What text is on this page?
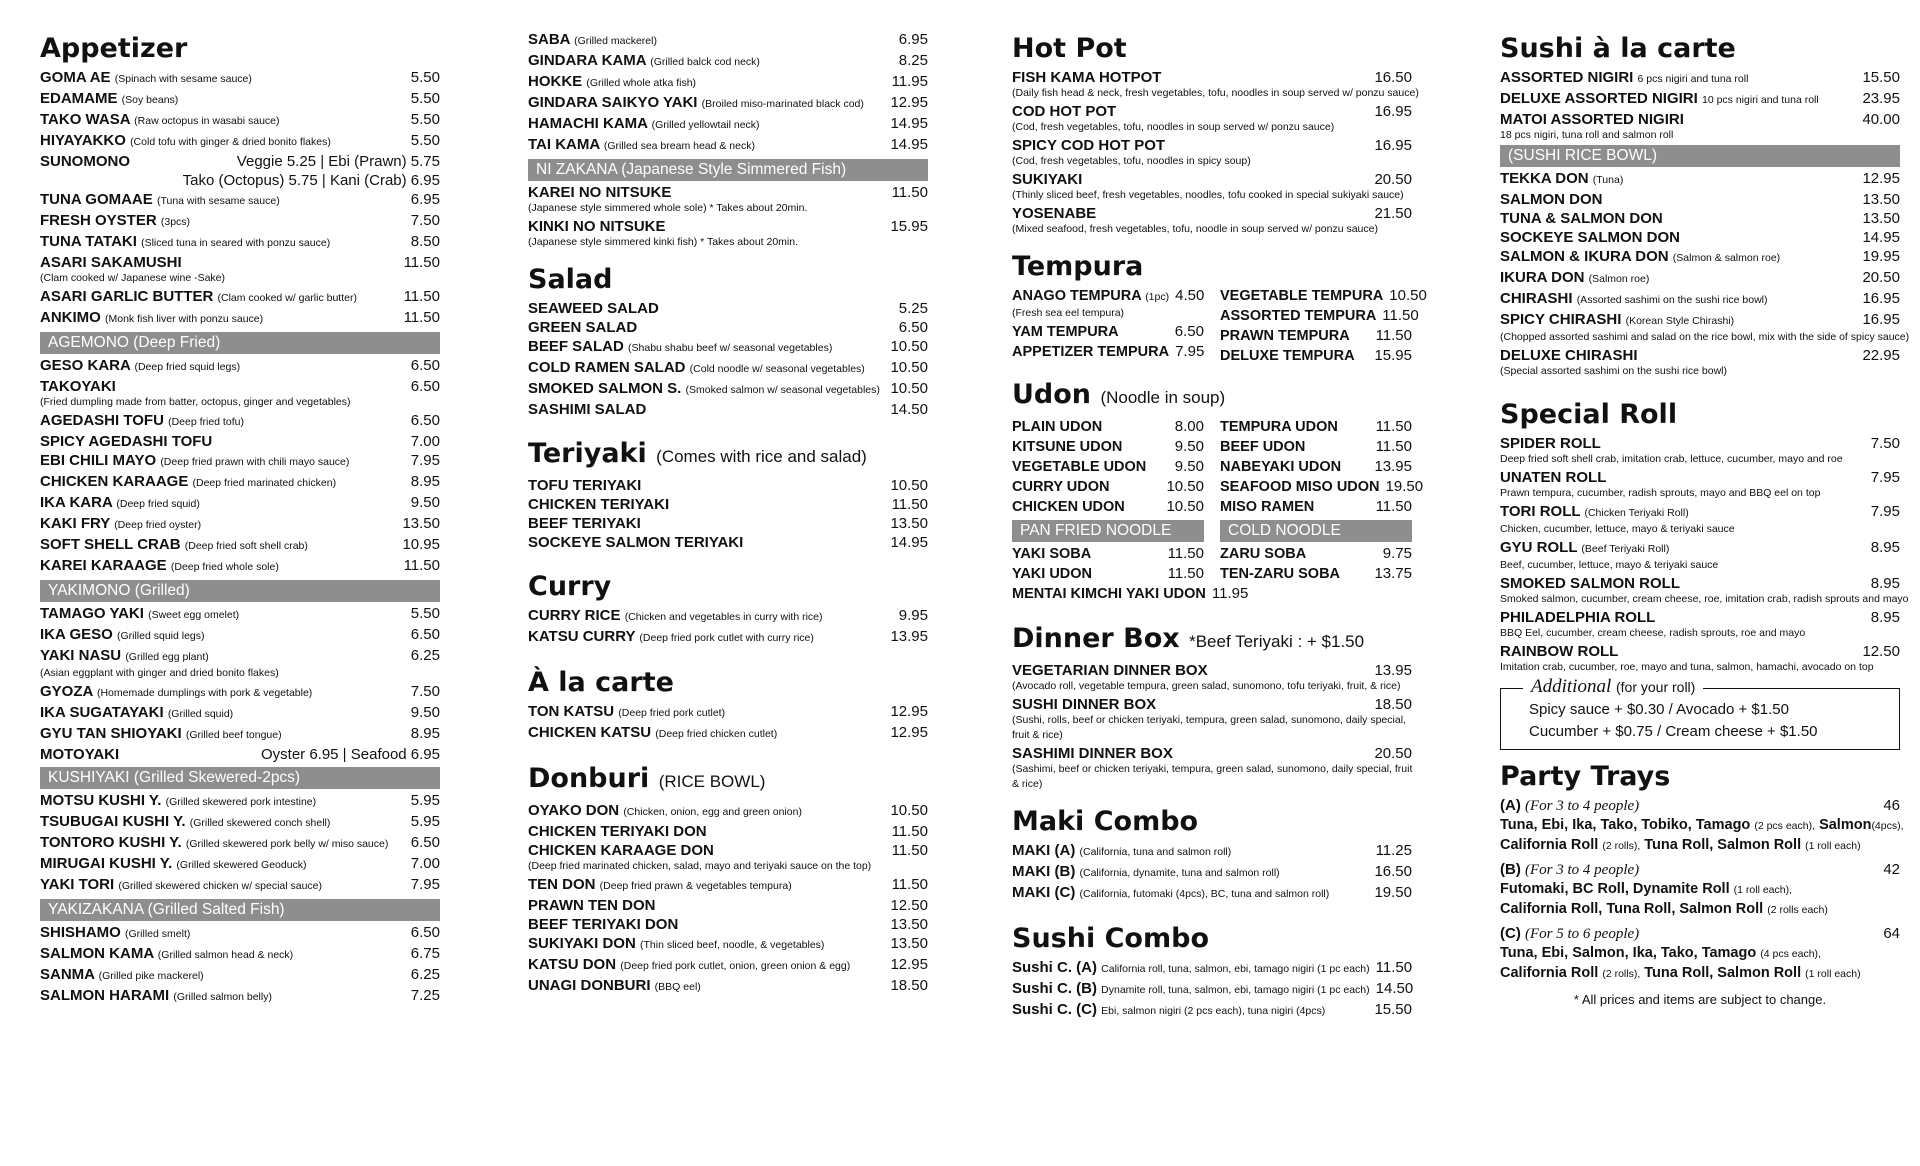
Appetizer
GOMA AE (Spinach with sesame sauce)	5.50
EDAMAME (Soy beans)	5.50
TAKO WASA (Raw octopus in wasabi sauce)	5.50
HIYAYAKKO (Cold tofu with ginger & dried bonito flakes)	5.50
SUNOMONO	Veggie 5.25 | Ebi (Prawn) 5.75
Tako (Octopus) 5.75 | Kani (Crab) 6.95
TUNA GOMAAE (Tuna with sesame sauce)	6.95
FRESH OYSTER (3pcs)	7.50
TUNA TATAKI (Sliced tuna in seared with ponzu sauce)	8.50
ASARI SAKAMUSHI	11.50
(Clam cooked w/ Japanese wine -Sake)
ASARI GARLIC BUTTER (Clam cooked w/ garlic butter)	11.50
ANKIMO (Monk fish liver with ponzu sauce)	11.50
AGEMONO (Deep Fried)
GESO KARA (Deep fried squid legs)	6.50
TAKOYAKI	6.50
(Fried dumpling made from batter, octopus, ginger and vegetables)
AGEDASHI TOFU (Deep fried tofu)	6.50
SPICY AGEDASHI TOFU	7.00
EBI CHILI MAYO (Deep fried prawn with chili mayo sauce)	7.95
CHICKEN KARAAGE (Deep fried marinated chicken)	8.95
IKA KARA (Deep fried squid)	9.50
KAKI FRY (Deep fried oyster)	13.50
SOFT SHELL CRAB (Deep fried soft shell crab)	10.95
KAREI KARAAGE (Deep fried whole sole)	11.50
YAKIMONO (Grilled)
TAMAGO YAKI (Sweet egg omelet)	5.50
IKA GESO (Grilled squid legs)	6.50
YAKI NASU (Grilled egg plant)	6.25
(Asian eggplant with ginger and dried bonito flakes)
GYOZA (Homemade dumplings with pork & vegetable)	7.50
IKA SUGATAYAKI (Grilled squid)	9.50
GYU TAN SHIOYAKI (Grilled beef tongue)	8.95
MOTOYAKI	Oyster 6.95 | Seafood 6.95
KUSHIYAKI (Grilled Skewered-2pcs)
MOTSU KUSHI Y. (Grilled skewered pork intestine)	5.95
TSUBUGAI KUSHI Y. (Grilled skewered conch shell)	5.95
TONTORO KUSHI Y. (Grilled skewered pork belly w/ miso sauce)	6.50
MIRUGAI KUSHI Y. (Grilled skewered Geoduck)	7.00
YAKI TORI (Grilled skewered chicken w/ special sauce)	7.95
YAKIZAKANA (Grilled Salted Fish)
SHISHAMO (Grilled smelt)	6.50
SALMON KAMA (Grilled salmon head & neck)	6.75
SANMA (Grilled pike mackerel)	6.25
SALMON HARAMI (Grilled salmon belly)	7.25
SABA (Grilled mackerel)	6.95
GINDARA KAMA (Grilled balck cod neck)	8.25
HOKKE (Grilled whole atka fish)	11.95
GINDARA SAIKYO YAKI (Broiled miso-marinated black cod)	12.95
HAMACHI KAMA (Grilled yellowtail neck)	14.95
TAI KAMA (Grilled sea bream head & neck)	14.95
NI ZAKANA (Japanese Style Simmered Fish)
KAREI NO NITSUKE	11.50
(Japanese style simmered whole sole) * Takes about 20min.
KINKI NO NITSUKE	15.95
(Japanese style simmered kinki fish) * Takes about 20min.
Salad
SEAWEED SALAD	5.25
GREEN SALAD	6.50
BEEF SALAD (Shabu shabu beef w/ seasonal vegetables)	10.50
COLD RAMEN SALAD (Cold noodle w/ seasonal vegetables)	10.50
SMOKED SALMON S. (Smoked salmon w/ seasonal vegetables) 10.50
SASHIMI SALAD	14.50
Teriyaki (Comes with rice and salad)
TOFU TERIYAKI	10.50
CHICKEN TERIYAKI	11.50
BEEF TERIYAKI	13.50
SOCKEYE SALMON TERIYAKI	14.95
Curry
CURRY RICE (Chicken and vegetables in curry with rice)	9.95
KATSU CURRY (Deep fried pork cutlet with curry rice)	13.95
À la carte
TON KATSU (Deep fried pork cutlet)	12.95
CHICKEN KATSU (Deep fried chicken cutlet)	12.95
Donburi (RICE BOWL)
OYAKO DON (Chicken, onion, egg and green onion)	10.50
CHICKEN TERIYAKI DON	11.50
CHICKEN KARAAGE DON	11.50
(Deep fried marinated chicken, salad, mayo and teriyaki sauce on the top)
TEN DON (Deep fried prawn & vegetables tempura)	11.50
PRAWN TEN DON	12.50
BEEF TERIYAKI DON	13.50
SUKIYAKI DON (Thin sliced beef, noodle, & vegetables)	13.50
KATSU DON (Deep fried pork cutlet, onion, green onion & egg)	12.95
UNAGI DONBURI (BBQ eel)	18.50
Hot Pot
FISH KAMA HOTPOT	16.50
(Daily fish head & neck, fresh vegetables, tofu, noodles in soup served w/ ponzu sauce)
COD HOT POT	16.95
(Cod, fresh vegetables, tofu, noodles in soup served w/ ponzu sauce)
SPICY COD HOT POT	16.95
(Cod, fresh vegetables, tofu, noodles in spicy soup)
SUKIYAKI	20.50
(Thinly sliced beef, fresh vegetables, noodles, tofu cooked in special sukiyaki sauce)
YOSENABE	21.50
(Mixed seafood, fresh vegetables, tofu, noodle in soup served w/ ponzu sauce)
Tempura
ANAGO TEMPURA (1pc) 4.50
(Fresh sea eel tempura)
YAM TEMPURA	6.50
APPETIZER TEMPURA 7.95
VEGETABLE TEMPURA 10.50
ASSORTED TEMPURA 11.50
PRAWN TEMPURA	11.50
DELUXE TEMPURA	15.95
Udon (Noodle in soup)
PLAIN UDON	8.00
KITSUNE UDON	9.50
VEGETABLE UDON	9.50
CURRY UDON	10.50
CHICKEN UDON	10.50
TEMPURA UDON	11.50
BEEF UDON	11.50
NABEYAKI UDON	13.95
SEAFOOD MISO UDON 19.50
MISO RAMEN	11.50
PAN FRIED NOODLE
YAKI SOBA	11.50
YAKI UDON	11.50
MENTAI KIMCHI YAKI UDON 11.95
COLD NOODLE
ZARU SOBA	9.75
TEN-ZARU SOBA	13.75
Dinner Box *Beef Teriyaki : + $1.50
VEGETARIAN DINNER BOX	13.95
(Avocado roll, vegetable tempura, green salad, sunomono, tofu teriyaki, fruit, & rice)
SUSHI DINNER BOX	18.50
(Sushi, rolls, beef or chicken teriyaki, tempura, green salad, sunomono, daily special,
fruit & rice)
SASHIMI DINNER BOX	20.50
(Sashimi, beef or chicken teriyaki, tempura, green salad, sunomono, daily special, fruit
& rice)
Maki Combo
MAKI (A) (California, tuna and salmon roll)	11.25
MAKI (B) (California, dynamite, tuna and salmon roll)	16.50
MAKI (C) (California, futomaki (4pcs), BC, tuna and salmon roll)	19.50
Sushi Combo
Sushi C. (A) California roll, tuna, salmon, ebi, tamago nigiri (1 pc each) 11.50
Sushi C. (B) Dynamite roll, tuna, salmon, ebi, tamago nigiri (1 pc each) 14.50
Sushi C. (C) Ebi, salmon nigiri (2 pcs each), tuna nigiri (4pcs)	15.50
Sushi à la carte
ASSORTED NIGIRI 6 pcs nigiri and tuna roll	15.50
DELUXE ASSORTED NIGIRI 10 pcs nigiri and tuna roll	23.95
MATOI ASSORTED NIGIRI	40.00
18 pcs nigiri, tuna roll and salmon roll
(SUSHI RICE BOWL)
TEKKA DON (Tuna)	12.95
SALMON DON	13.50
TUNA & SALMON DON	13.50
SOCKEYE SALMON DON	14.95
SALMON & IKURA DON (Salmon & salmon roe)	19.95
IKURA DON (Salmon roe)	20.50
CHIRASHI (Assorted sashimi on the sushi rice bowl)	16.95
SPICY CHIRASHI (Korean Style Chirashi)	16.95
(Chopped assorted sashimi and salad on the rice bowl, mix with the side of spicy sauce)
DELUXE CHIRASHI	22.95
(Special assorted sashimi on the sushi rice bowl)
Special Roll
SPIDER ROLL	7.50
Deep fried soft shell crab, imitation crab, lettuce, cucumber, mayo and roe
UNATEN ROLL	7.95
Prawn tempura, cucumber, radish sprouts, mayo and BBQ eel on top
TORI ROLL (Chicken Teriyaki Roll)	7.95
Chicken, cucumber, lettuce, mayo & teriyaki sauce
GYU ROLL (Beef Teriyaki Roll)	8.95
Beef, cucumber, lettuce, mayo & teriyaki sauce
SMOKED SALMON ROLL	8.95
Smoked salmon, cucumber, cream cheese, roe, imitation crab, radish sprouts and mayo
PHILADELPHIA ROLL	8.95
BBQ Eel, cucumber, cream cheese, radish sprouts, roe and mayo
RAINBOW ROLL	12.50
Imitation crab, cucumber, roe, mayo and tuna, salmon, hamachi, avocado on top
Additional (for your roll)
Spicy sauce + $0.30 / Avocado + $1.50
Cucumber + $0.75 / Cream cheese + $1.50
Party Trays
(A) (For 3 to 4 people)	46
Tuna, Ebi, Ika, Tako, Tobiko, Tamago (2 pcs each), Salmon(4pcs),
California Roll (2 rolls), Tuna Roll, Salmon Roll (1 roll each)
(B) (For 3 to 4 people)	42
Futomaki, BC Roll, Dynamite Roll (1 roll each),
California Roll, Tuna Roll, Salmon Roll (2 rolls each)
(C) (For 5 to 6 people)	64
Tuna, Ebi, Salmon, Ika, Tako, Tamago (4 pcs each),
California Roll (2 rolls), Tuna Roll, Salmon Roll (1 roll each)
* All prices and items are subject to change.
